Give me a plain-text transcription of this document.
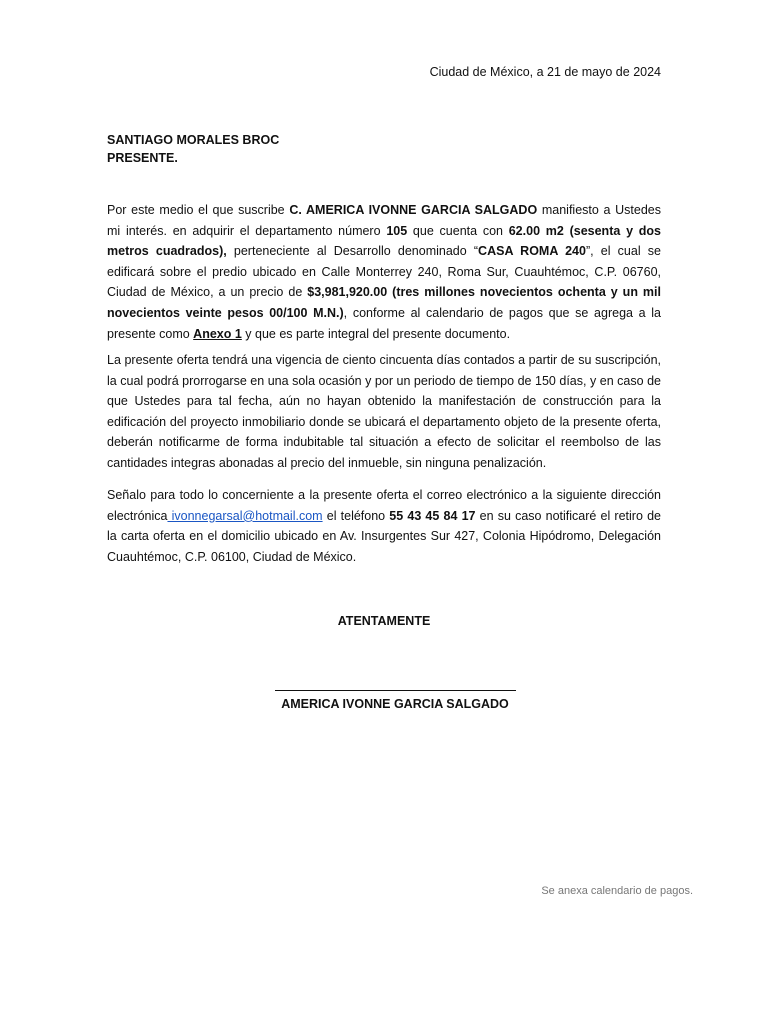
Ciudad de México, a 21 de mayo de 2024
SANTIAGO MORALES BROC
PRESENTE.

Por este medio el que suscribe C. AMERICA IVONNE GARCIA SALGADO manifiesto a Ustedes mi interés. en adquirir el departamento número 105 que cuenta con 62.00 m2 (sesenta y dos metros cuadrados), perteneciente al Desarrollo denominado “CASA ROMA 240”, el cual se edificará sobre el predio ubicado en Calle Monterrey 240, Roma Sur, Cuauhtémoc, C.P. 06760, Ciudad de México, a un precio de $3,981,920.00 (tres millones novecientos ochenta y un mil novecientos veinte pesos 00/100 M.N.), conforme al calendario de pagos que se agrega a la presente como Anexo 1 y que es parte integral del presente documento.

La presente oferta tendrá una vigencia de ciento cincuenta días contados a partir de su suscripción, la cual podrá prorrogarse en una sola ocasión y por un periodo de tiempo de 150 días, y en caso de que Ustedes para tal fecha, aún no hayan obtenido la manifestación de construcción para la edificación del proyecto inmobiliario donde se ubicará el departamento objeto de la presente oferta, deberán notificarme de forma indubitable tal situación a efecto de solicitar el reembolso de las cantidades integras abonadas al precio del inmueble, sin ninguna penalización.

Señalo para todo lo concerniente a la presente oferta el correo electrónico a la siguiente dirección electrónica ivonnegarsal@hotmail.com el teléfono 55 43 45 84 17 en su caso notificaré el retiro de la carta oferta en el domicilio ubicado en Av. Insurgentes Sur 427, Colonia Hipódromo, Delegación Cuauhtémoc, C.P. 06100, Ciudad de México.

ATENTAMENTE
AMERICA IVONNE GARCIA SALGADO
Se anexa calendario de pagos.
